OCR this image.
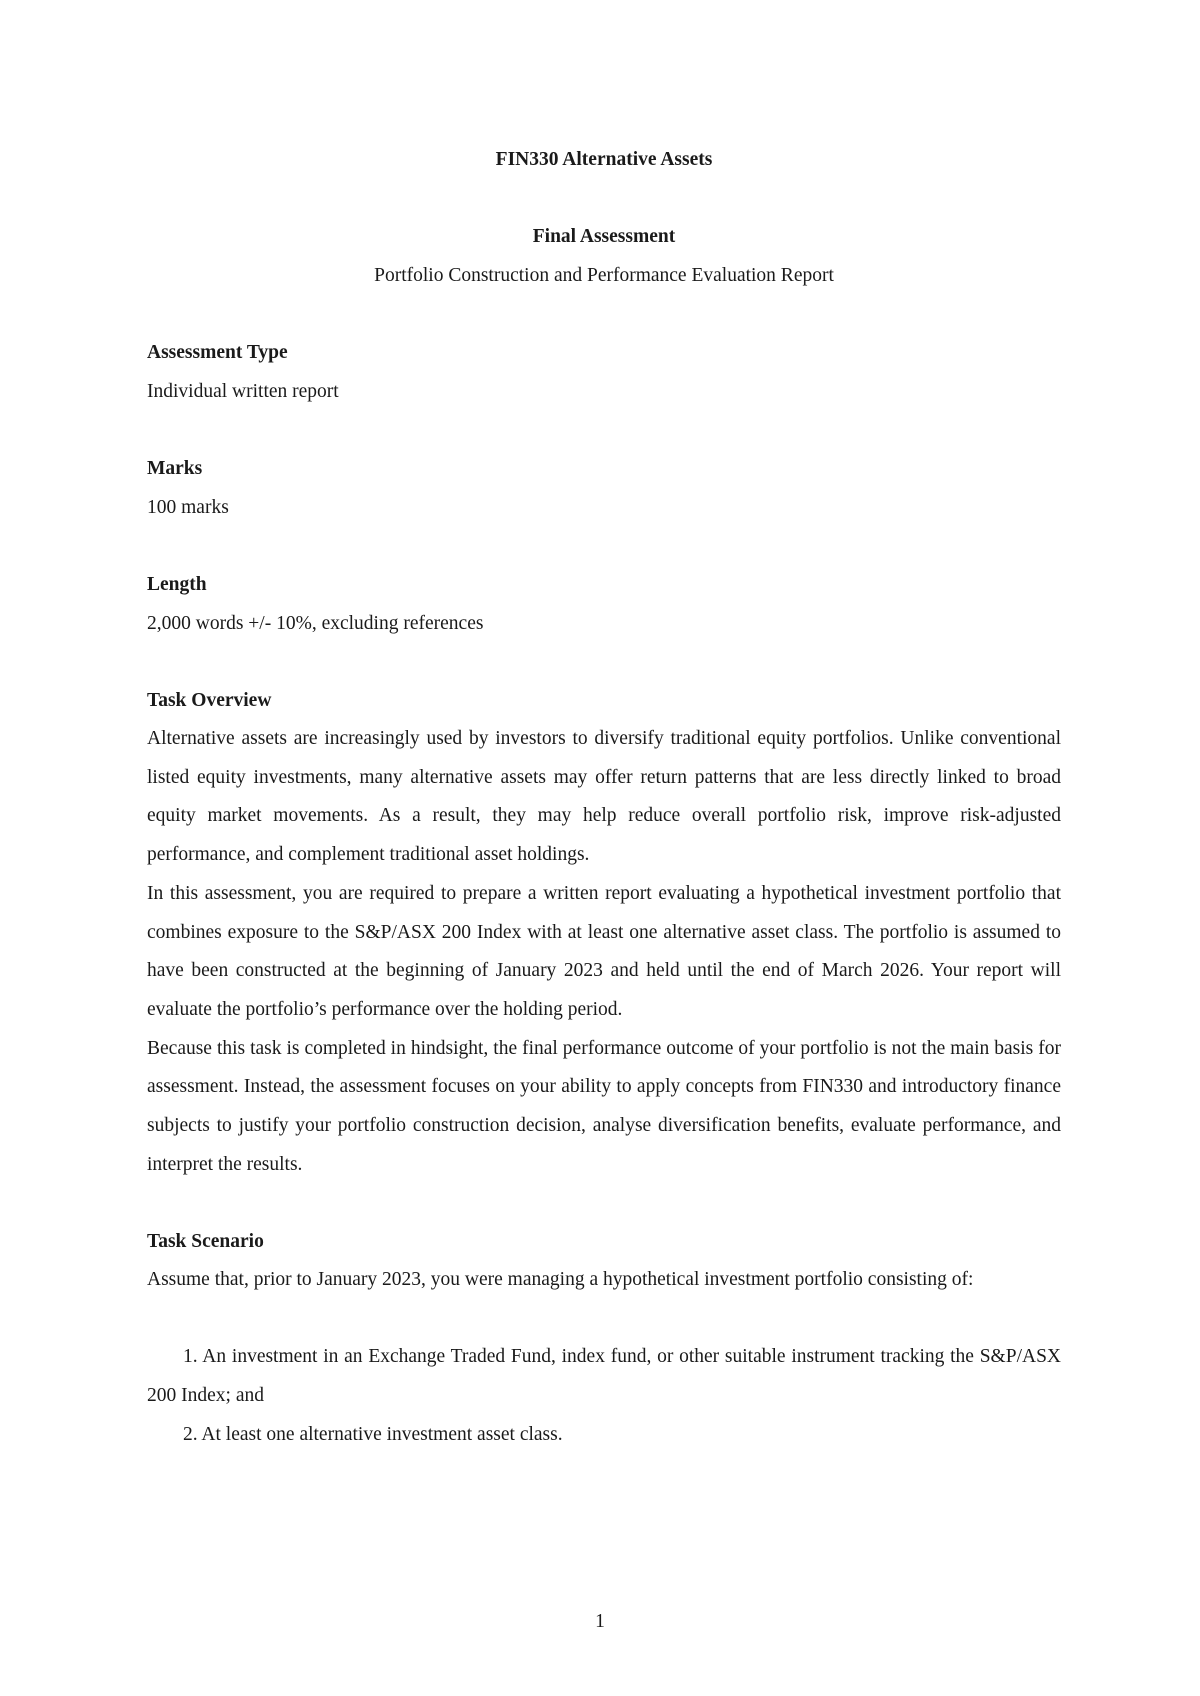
FIN330 Alternative Assets
Final Assessment
Portfolio Construction and Performance Evaluation Report

Assessment Type

Individual written report

Marks

100 marks

Length

2,000 words +/- 10%, excluding references

Task Overview

Alternative assets are increasingly used by investors to diversify traditional equity portfolios. Unlike conventional listed equity investments, many alternative assets may offer return patterns that are less directly linked to broad equity market movements. As a result, they may help reduce overall portfolio risk, improve risk-adjusted performance, and complement traditional asset holdings.

In this assessment, you are required to prepare a written report evaluating a hypothetical investment portfolio that combines exposure to the S&P/ASX 200 Index with at least one alternative asset class. The portfolio is assumed to have been constructed at the beginning of January 2023 and held until the end of March 2026. Your report will evaluate the portfolio’s performance over the holding period.

Because this task is completed in hindsight, the final performance outcome of your portfolio is not the main basis for assessment. Instead, the assessment focuses on your ability to apply concepts from FIN330 and introductory finance subjects to justify your portfolio construction decision, analyse diversification benefits, evaluate performance, and interpret the results.

Task Scenario

Assume that, prior to January 2023, you were managing a hypothetical investment portfolio consisting of:

1. An investment in an Exchange Traded Fund, index fund, or other suitable instrument tracking the S&P/ASX 200 Index; and

2. At least one alternative investment asset class.

1
